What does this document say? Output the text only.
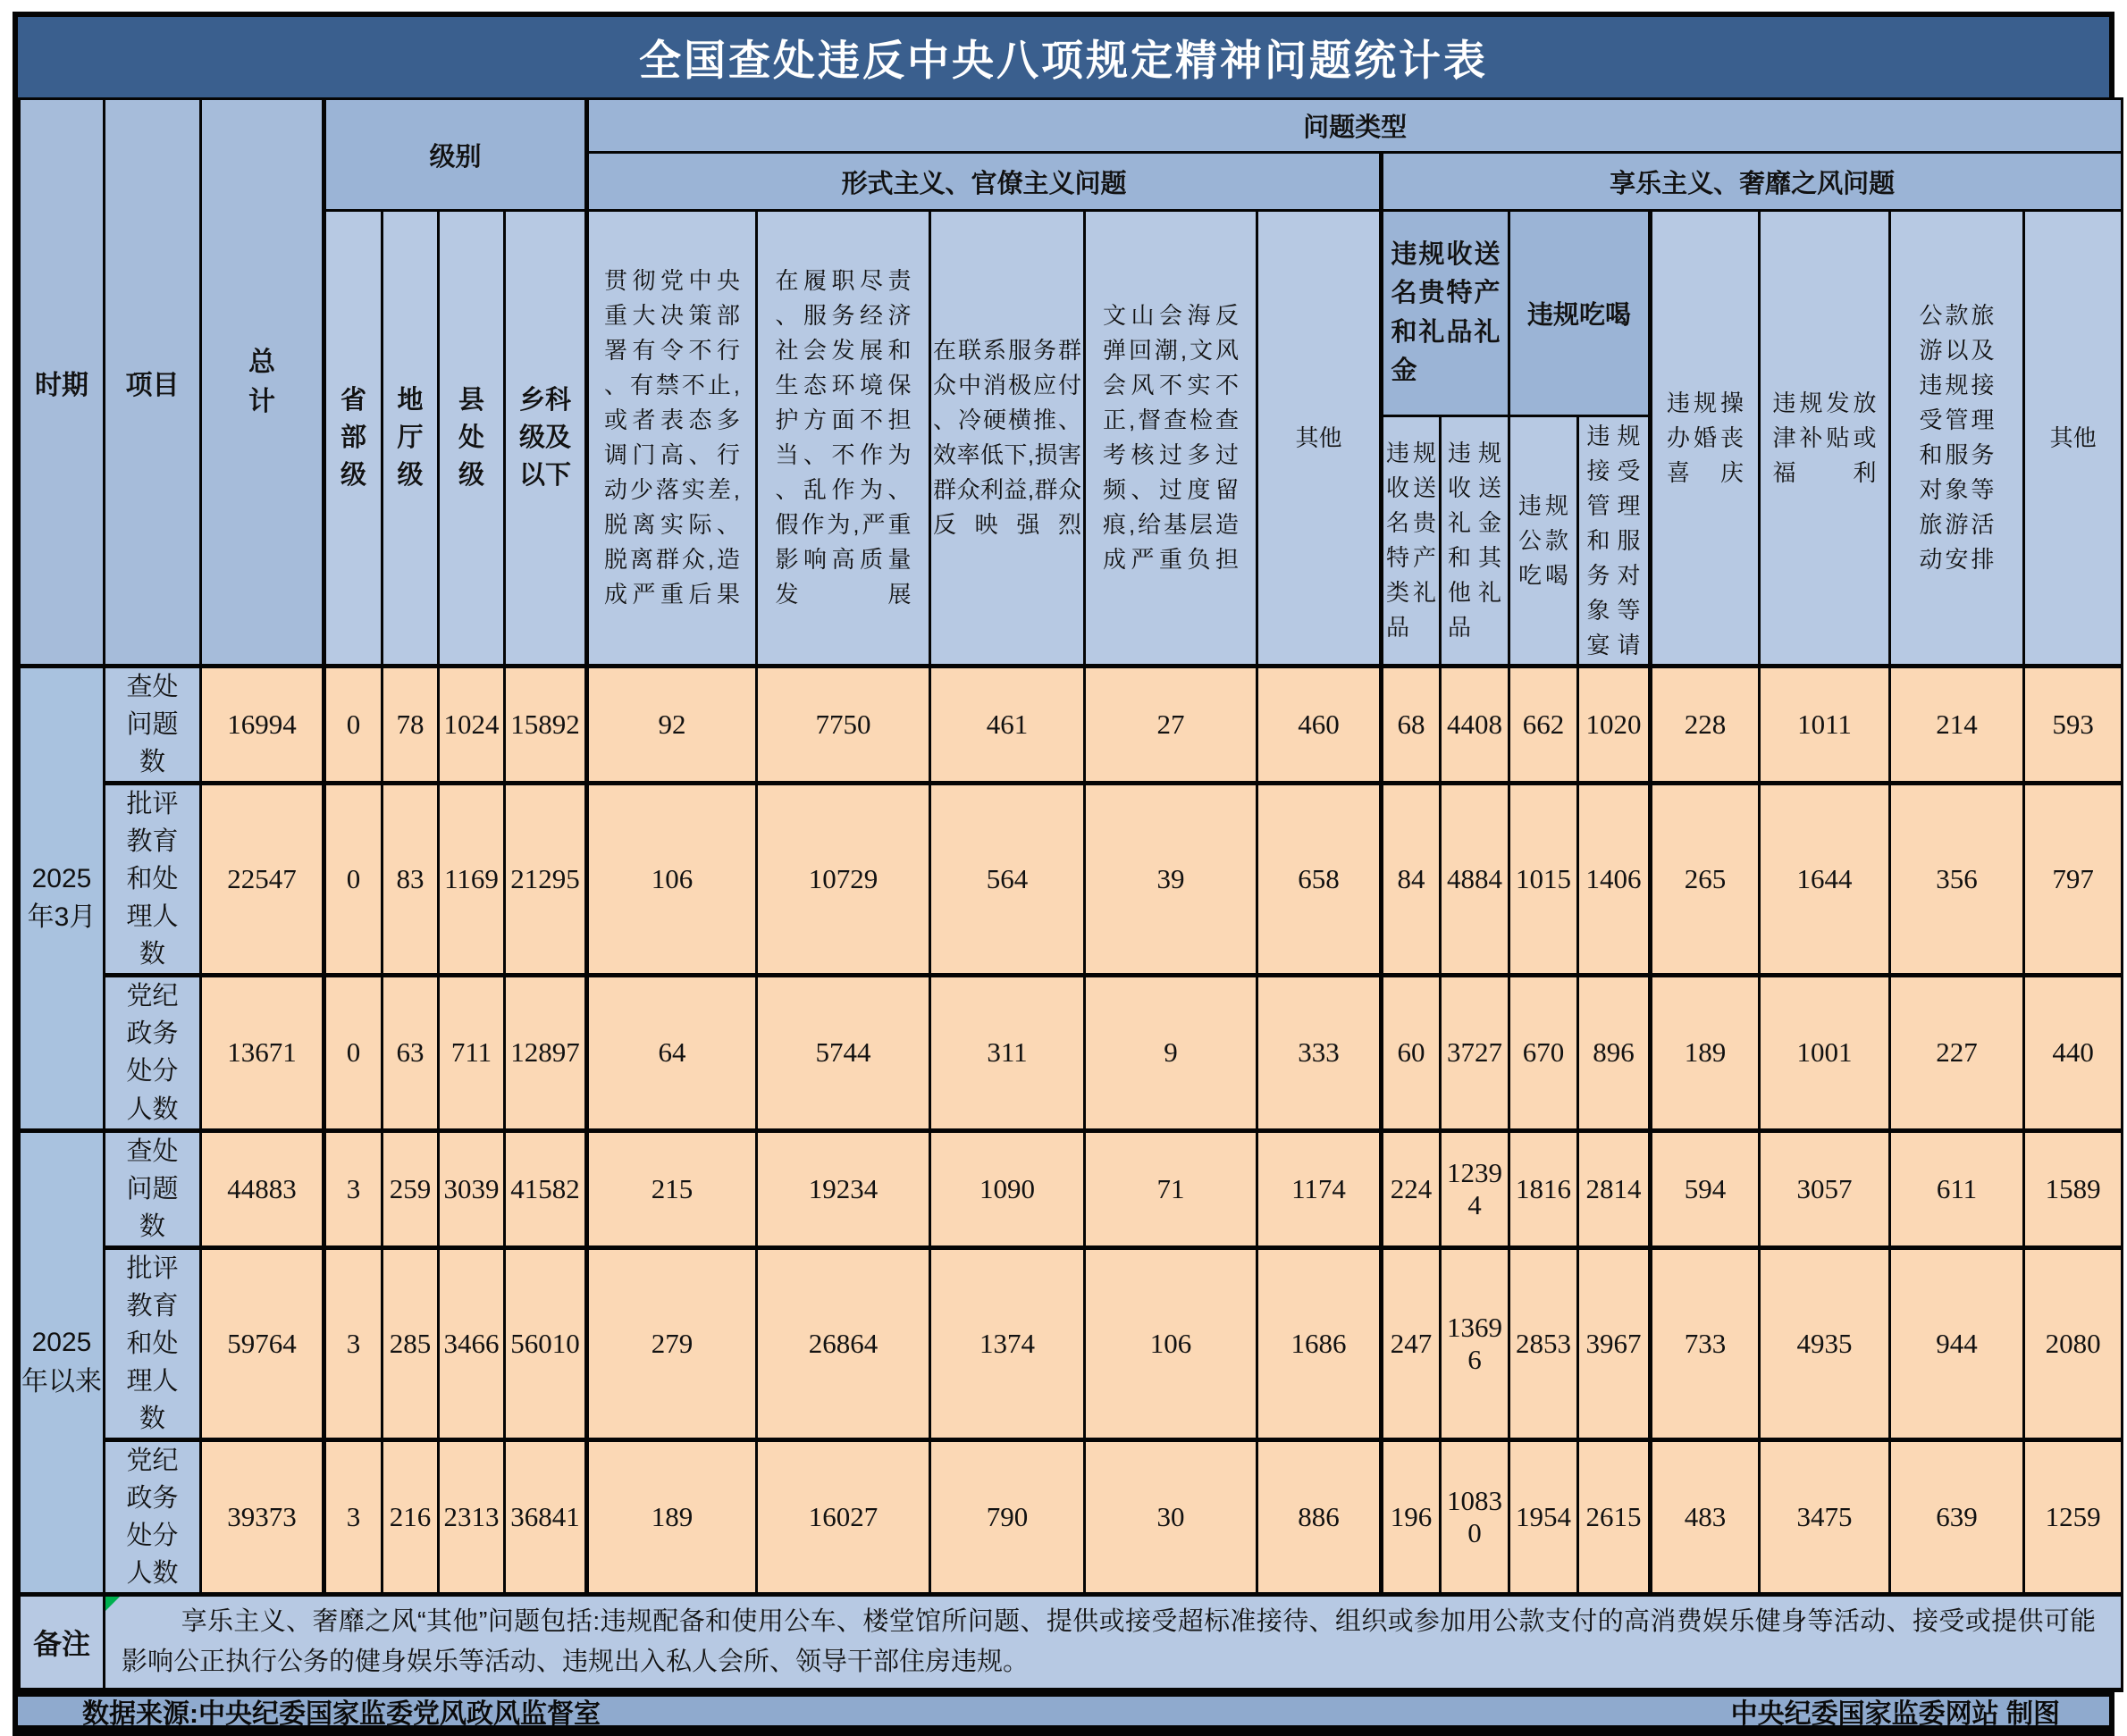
全国查处违反中央八项规定精神问题统计表
时期	项目	总计	级别				问题类型												
							形式主义、官僚主义问题					享乐主义、奢靡之风问题							

			省部级	地厅级	县处级	乡科级及以下	贯彻党中央重大决策部署有令不行、有禁不止,或者表态多调门高、行动少落实差,脱离实际、脱离群众,造成严重后果	在履职尽责、服务经济社会发展和生态环境保护方面不担当、不作为、乱作为、假作为,严重影响高质量发展	在联系服务群众中消极应付、冷硬横推、效率低下,损害群众利益,群众反映强烈	文山会海反弹回潮,文风会风不实不正,督查检查考核过多过频、过度留痕,给基层造成严重负担	其他	违规收送名贵特产和礼品礼金		违规吃喝		违规操办婚丧喜庆	违规发放津补贴或福利	公款旅游以及违规接受管理和服务对象等旅游活动安排	其他

												违规收送名贵特产类礼品	违规收送礼金和其他礼品	违规公款吃喝	违规接受管理和服务对象等宴请				

2025年3月	查处问题数	16994	0	78	1024	15892	92	7750	461	27	460	68	4408	662	1020	228	1011	214	593

	批评教育和处理人数	22547	0	83	1169	21295	106	10729	564	39	658	84	4884	1015	1406	265	1644	356	797

	党纪政务处分人数	13671	0	63	711	12897	64	5744	311	9	333	60	3727	670	896	189	1001	227	440

2025年以来	查处问题数	44883	3	259	3039	41582	215	19234	1090	71	1174	224	12394	1816	2814	594	3057	611	1589

	批评教育和处理人数	59764	3	285	3466	56010	279	26864	1374	106	1686	247	13696	2853	3967	733	4935	944	2080

	党纪政务处分人数	39373	3	216	2313	36841	189	16027	790	30	886	196	10830	1954	2615	483	3475	639	1259
备注	享乐主义、奢靡之风“其他”问题包括:违规配备和使用公车、楼堂馆所问题、提供或接受超标准接待、组织或参加用公款支付的高消费娱乐健身等活动、接受或提供可能影响公正执行公务的健身娱乐等活动、违规出入私人会所、领导干部住房违规。																		
数据来源:中央纪委国家监委党风政风监督室	中央纪委国家监委网站 制图
